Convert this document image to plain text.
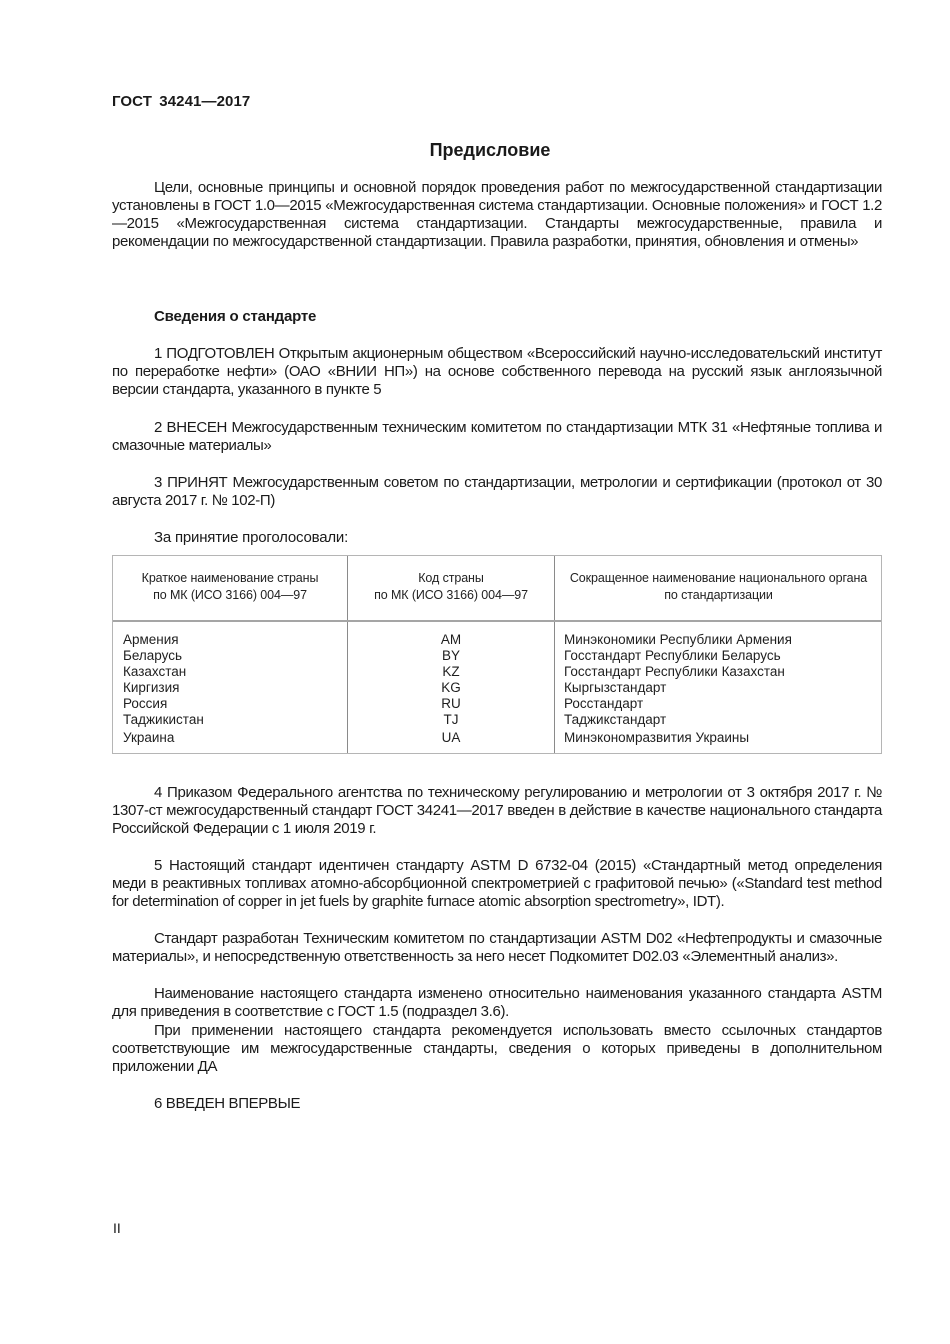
ГОСТ 34241—2017
Предисловие

Цели, основные принципы и основной порядок проведения работ по межгосударственной стандартизации установлены в ГОСТ 1.0—2015 «Межгосударственная система стандартизации. Основные положения» и ГОСТ 1.2—2015 «Межгосударственная система стандартизации. Стандарты межгосударственные, правила и рекомендации по межгосударственной стандартизации. Правила разработки, принятия, обновления и отмены»

Сведения о стандарте

1 ПОДГОТОВЛЕН Открытым акционерным обществом «Всероссийский научно-исследовательский институт по переработке нефти» (ОАО «ВНИИ НП») на основе собственного перевода на русский язык англоязычной версии стандарта, указанного в пункте 5

2 ВНЕСЕН Межгосударственным техническим комитетом по стандартизации МТК 31 «Нефтяные топлива и смазочные материалы»

3 ПРИНЯТ Межгосударственным советом по стандартизации, метрологии и сертификации (протокол от 30 августа 2017 г. № 102-П)

За принятие проголосовали:
Краткое наименование страны
по МК (ИСО 3166) 004—97
Код страны
по МК (ИСО 3166) 004—97
Сокращенное наименование национального органа
по стандартизации
Армения
Беларусь
Казахстан
Киргизия
Россия
Таджикистан
Украина
AM
BY
KZ
KG
RU
TJ
UA
Минэкономики Республики Армения
Госстандарт Республики Беларусь
Госстандарт Республики Казахстан
Кыргызстандарт
Росстандарт
Таджикстандарт
Минэкономразвития Украины

4 Приказом Федерального агентства по техническому регулированию и метрологии от 3 октября 2017 г. № 1307-ст межгосударственный стандарт ГОСТ 34241—2017 введен в действие в качестве национального стандарта Российской Федерации с 1 июля 2019 г.

5 Настоящий стандарт идентичен стандарту ASTM D 6732-04 (2015) «Стандартный метод определения меди в реактивных топливах атомно-абсорбционной спектрометрией с графитовой печью» («Standard test method for determination of copper in jet fuels by graphite furnace atomic absorption spectrometry», IDT).

Стандарт разработан Техническим комитетом по стандартизации ASTM D02 «Нефтепродукты и смазочные материалы», и непосредственную ответственность за него несет Подкомитет D02.03 «Элементный анализ».

Наименование настоящего стандарта изменено относительно наименования указанного стандарта ASTM для приведения в соответствие с ГОСТ 1.5 (подраздел 3.6).

При применении настоящего стандарта рекомендуется использовать вместо ссылочных стандартов соответствующие им межгосударственные стандарты, сведения о которых приведены в дополнительном приложении ДА

6 ВВЕДЕН ВПЕРВЫЕ

II
